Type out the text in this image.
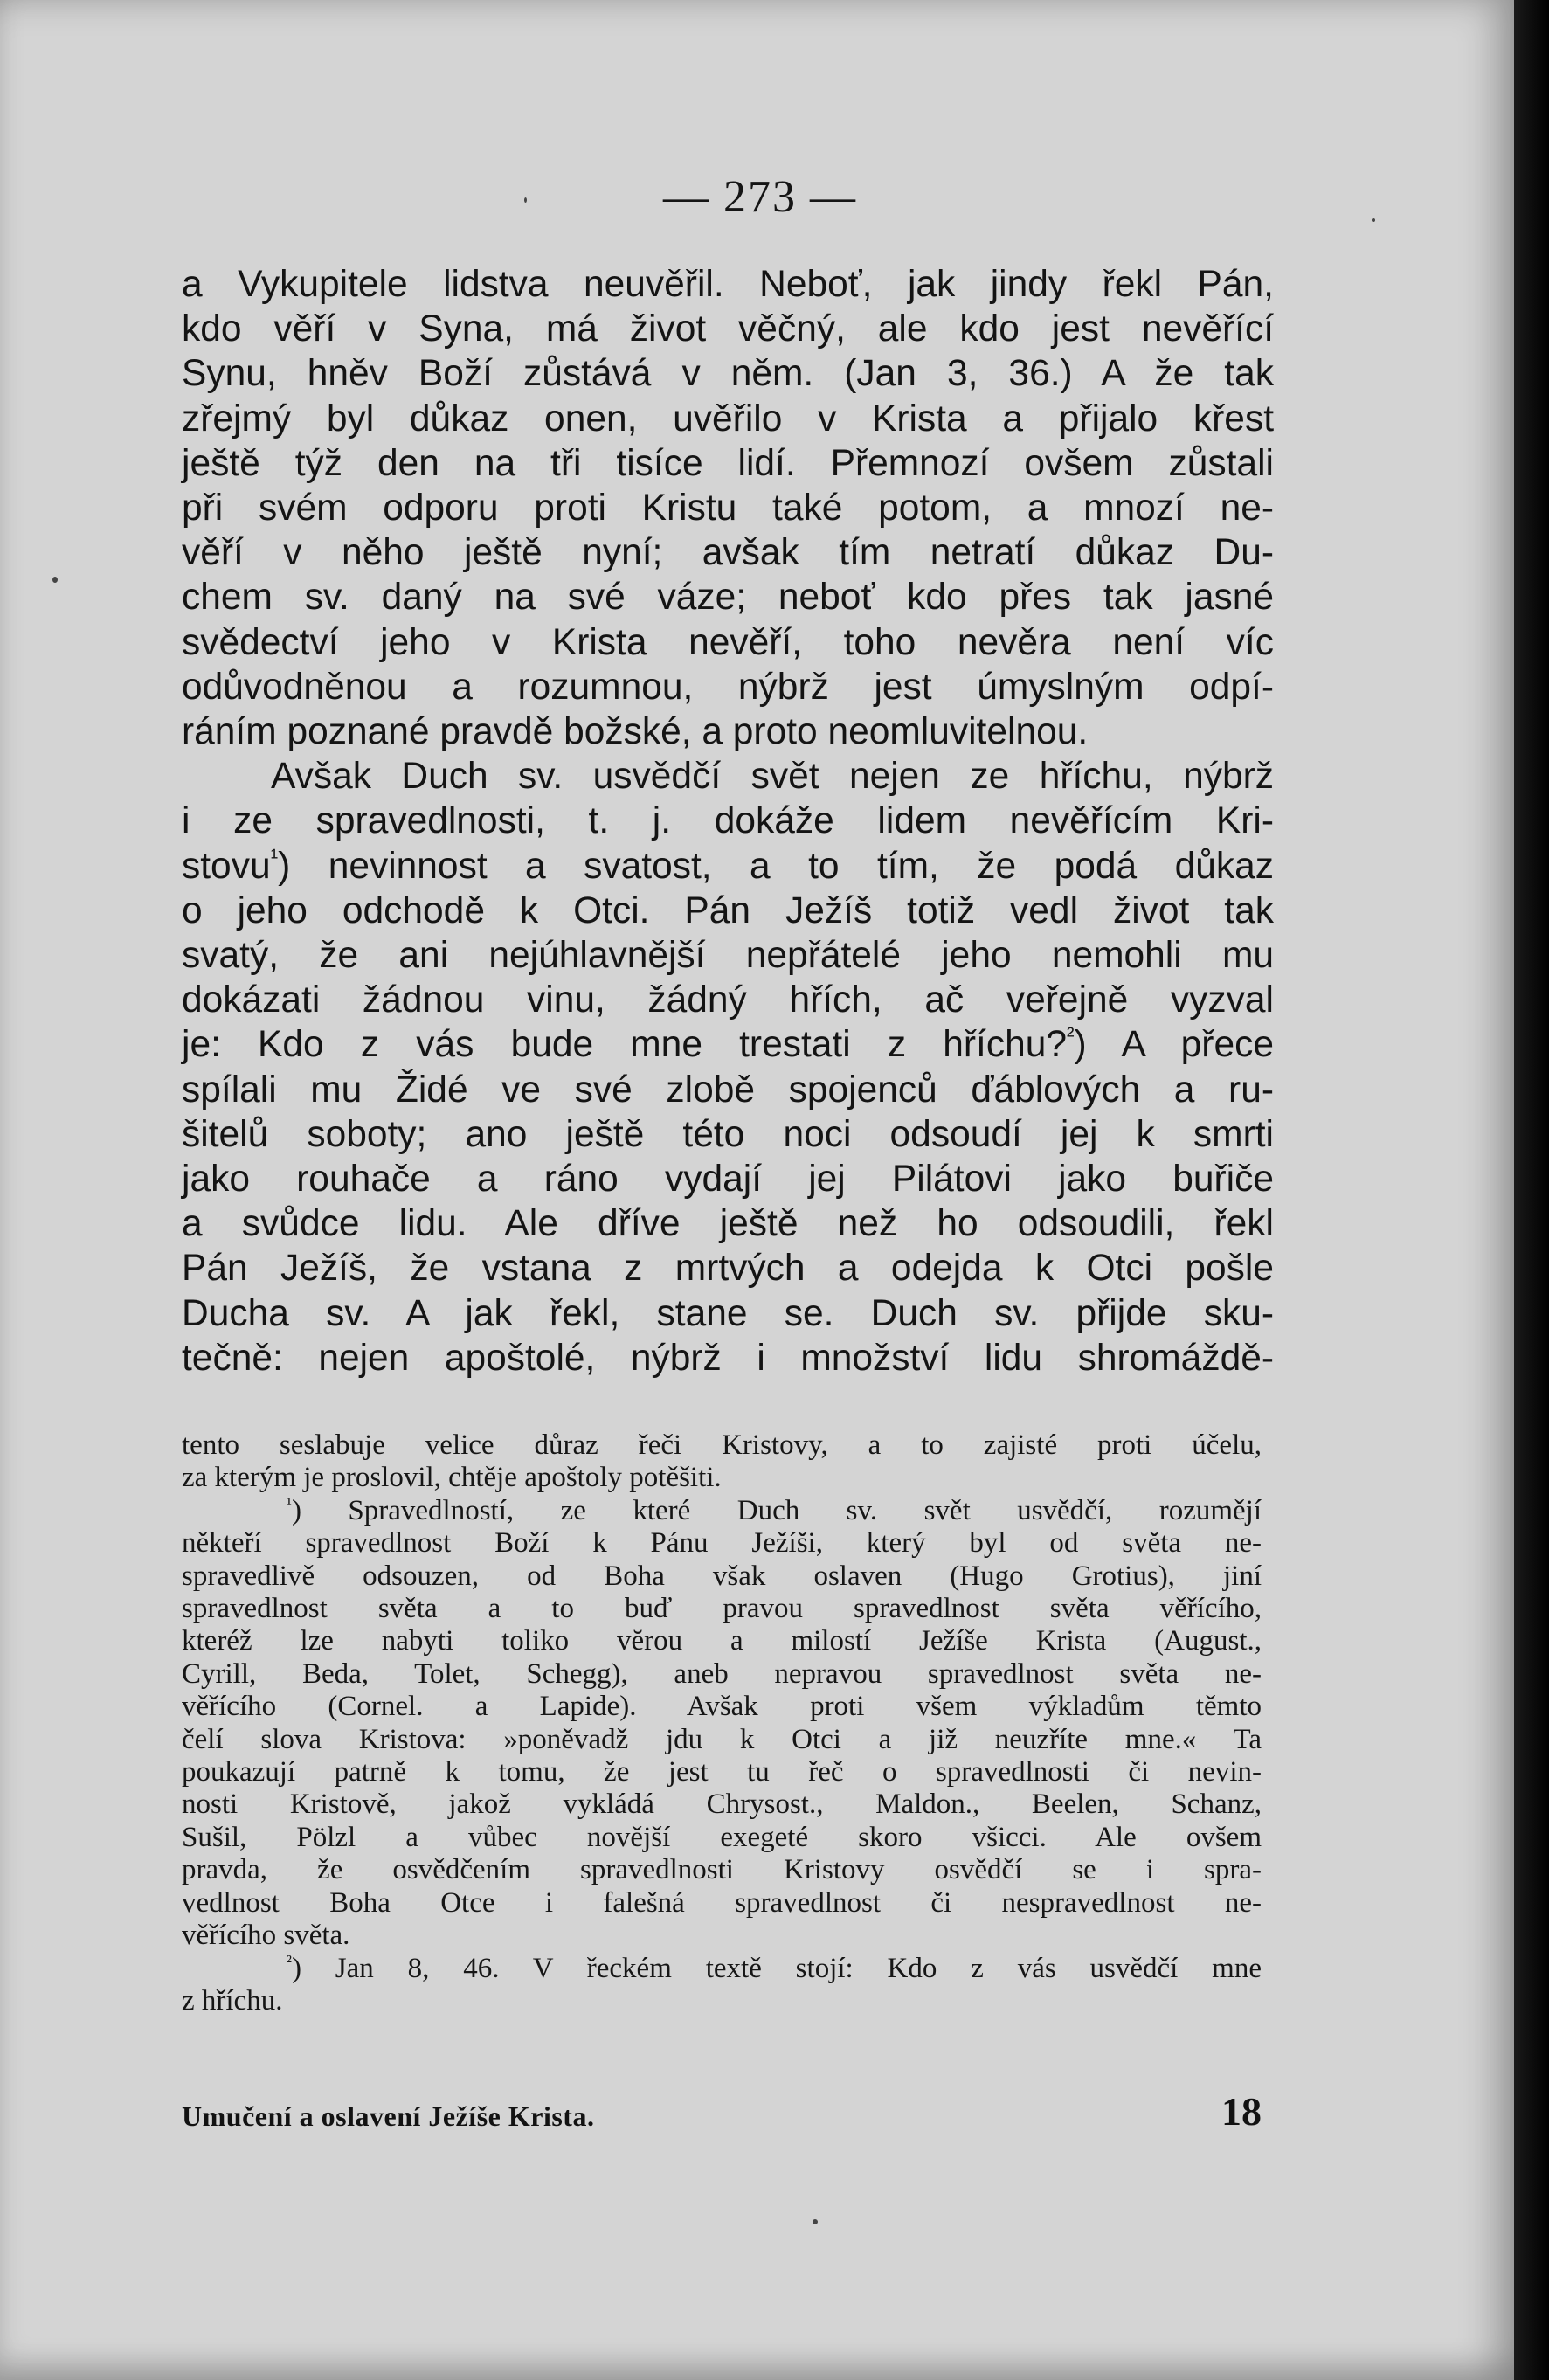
— 273 —
a Vykupitele lidstva neuvěřil. Neboť, jak jindy řekl Pán,
kdo věří v Syna, má život věčný, ale kdo jest nevěřící
Synu, hněv Boží zůstává v něm. (Jan 3, 36.) A že tak
zřejmý byl důkaz onen, uvěřilo v Krista a přijalo křest
ještě týž den na tři tisíce lidí. Přemnozí ovšem zůstali
při svém odporu proti Kristu také potom, a mnozí ne-
věří v něho ještě nyní; avšak tím netratí důkaz Du-
chem sv. daný na své váze; neboť kdo přes tak jasné
svědectví jeho v Krista nevěří, toho nevěra není víc
odůvodněnou a rozumnou, nýbrž jest úmyslným odpí-
ráním poznané pravdě božské, a proto neomluvitelnou.
Avšak Duch sv. usvědčí svět nejen ze hříchu, nýbrž
i ze spravedlnosti, t. j. dokáže lidem nevěřícím Kri-
stovu$^{^1}$) nevinnost a svatost, a to tím, že podá důkaz
o jeho odchodě k Otci. Pán Ježíš totiž vedl život tak
svatý, že ani nejúhlavnější nepřátelé jeho nemohli mu
dokázati žádnou vinu, žádný hřích, ač veřejně vyzval
je: Kdo z vás bude mne trestati z hříchu?$^{^2}$) A přece
spílali mu Židé ve své zlobě spojenců ďáblových a ru-
šitelů soboty; ano ještě této noci odsoudí jej k smrti
jako rouhače a ráno vydají jej Pilátovi jako buřiče
a svůdce lidu. Ale dříve ještě než ho odsoudili, řekl
Pán Ježíš, že vstana z mrtvých a odejda k Otci pošle
Ducha sv. A jak řekl, stane se. Duch sv. přijde sku-
tečně: nejen apoštolé, nýbrž i množství lidu shromáždě-
tento seslabuje velice důraz řeči Kristovy, a to zajisté proti účelu,
za kterým je proslovil, chtěje apoštoly potěšiti.
$^{^1}$) Spravedlností, ze které Duch sv. svět usvědčí, rozumějí
někteří spravedlnost Boží k Pánu Ježíši, který byl od světa ne-
spravedlivě odsouzen, od Boha však oslaven (Hugo Grotius), jiní
spravedlnost světa a to buď pravou spravedlnost světa věřícího,
kteréž lze nabyti toliko vĕrou a milostí Ježíše Krista (August.,
Cyrill, Beda, Tolet, Schegg), aneb nepravou spravedlnost světa ne-
věřícího (Cornel. a Lapide). Avšak proti všem výkladům těmto
čelí slova Kristova: »poněvadž jdu k Otci a již neuzříte mne.« Ta
poukazují patrně k tomu, že jest tu řeč o spravedlnosti či nevin-
nosti Kristově, jakož vykládá Chrysost., Maldon., Beelen, Schanz,
Sušil, Pölzl a vůbec novější exegeté skoro všicci. Ale ovšem
pravda, že osvědčením spravedlnosti Kristovy osvědčí se i spra-
vedlnost Boha Otce i falešná spravedlnost či nespravedlnost ne-
věřícího světa.
$^{^2}$) Jan 8, 46. V řeckém textě stojí: Kdo z vás usvědčí mne
z hříchu.
Umučení a oslavení Ježíše Krista.	18
